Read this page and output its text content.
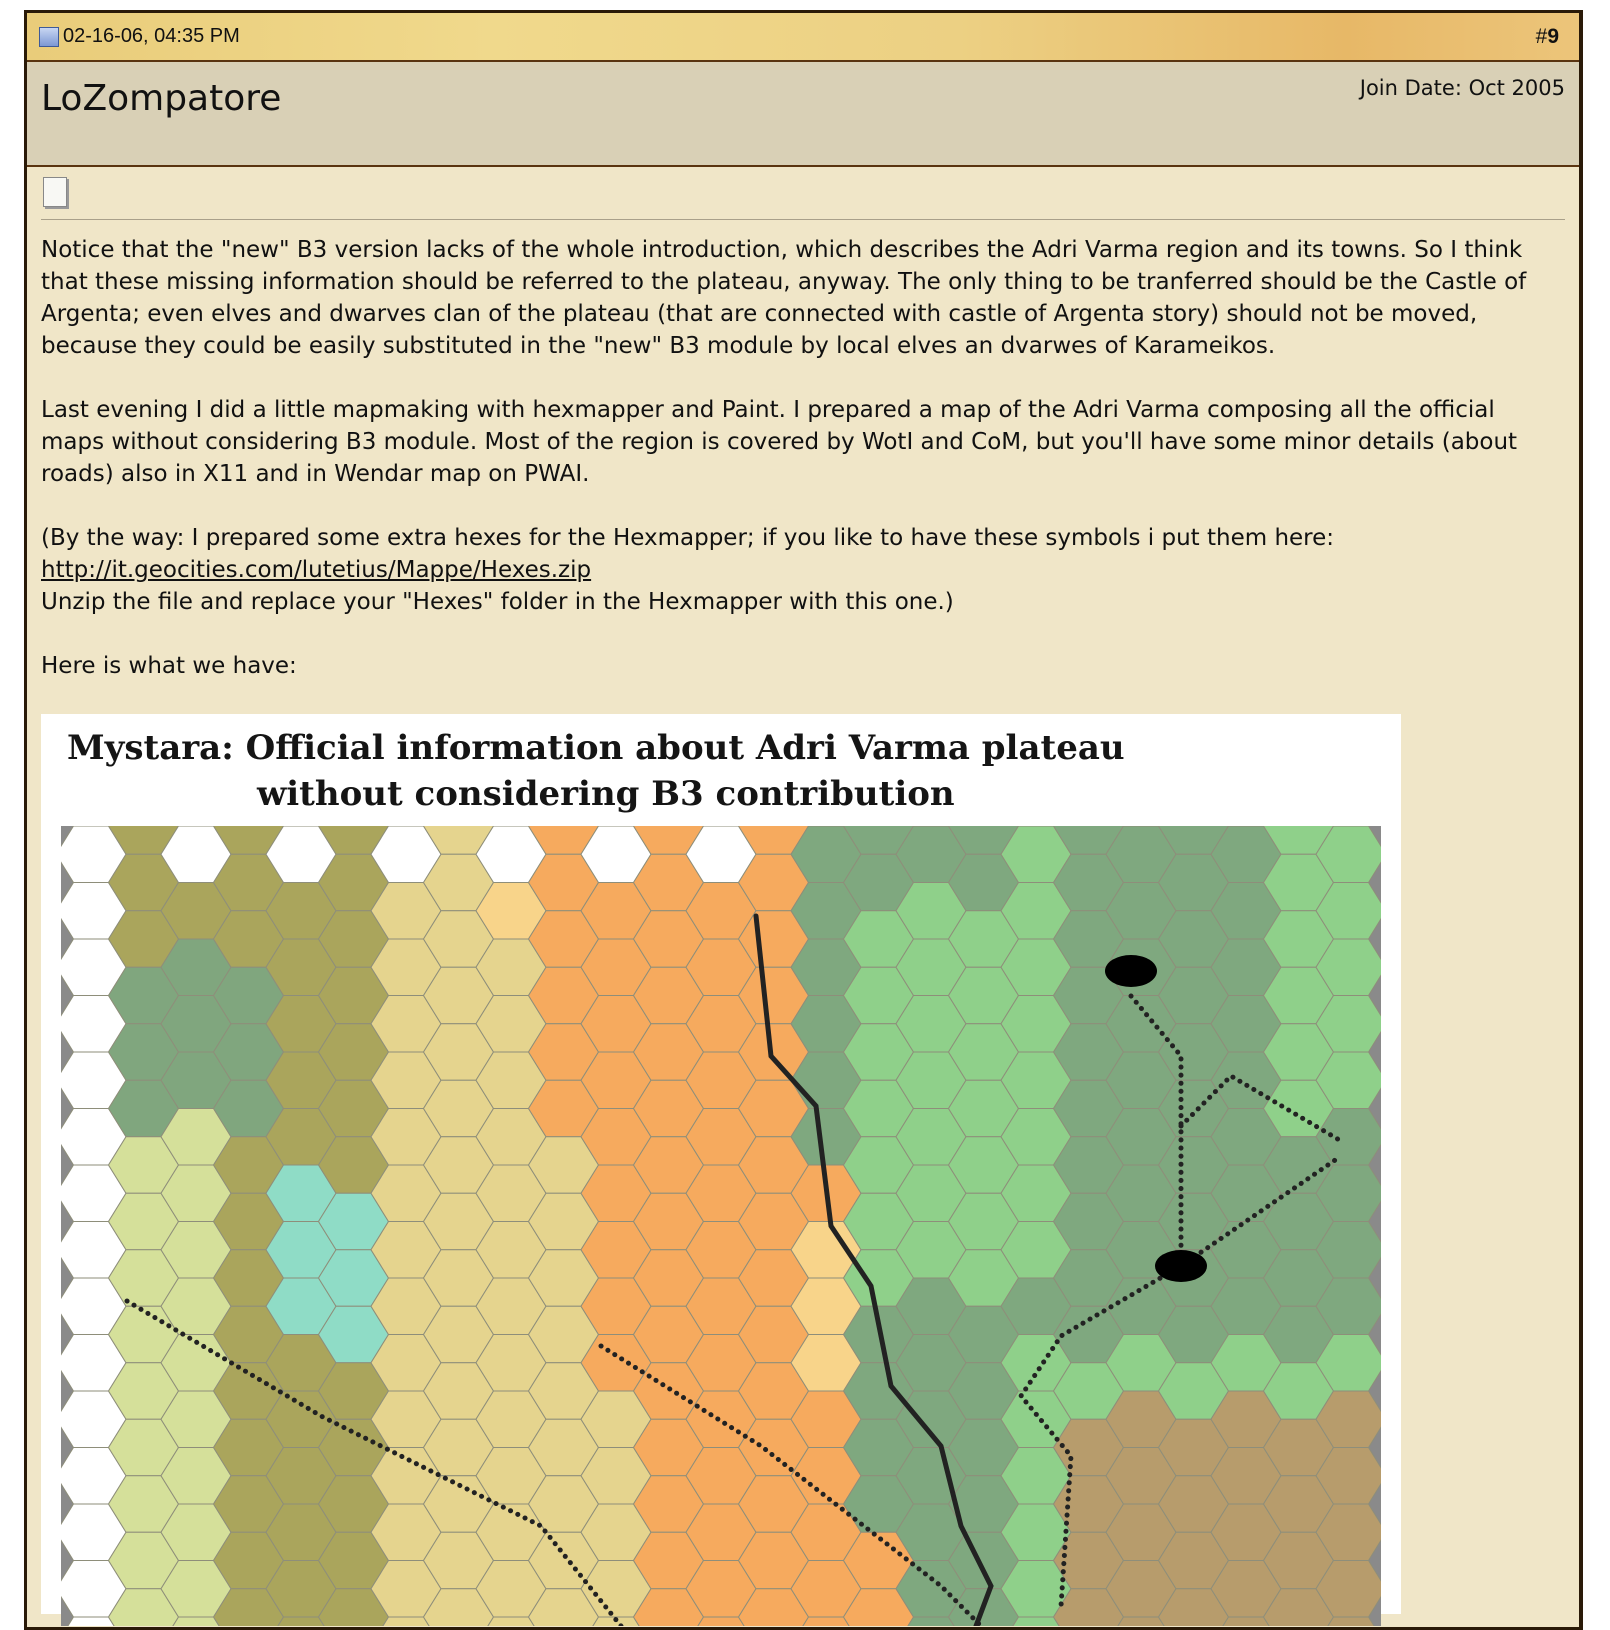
02-16-06, 04:35 PM	#9
LoZompatore	Join Date: Oct 2005

Notice that the "new" B3 version lacks of the whole introduction, which describes the Adri Varma region and its towns. So I think that these missing information should be referred to the plateau, anyway. The only thing to be tranferred should be the Castle of Argenta; even elves and dwarves clan of the plateau (that are connected with castle of Argenta story) should not be moved, because they could be easily substituted in the "new" B3 module by local elves an dvarwes of Karameikos.

Last evening I did a little mapmaking with hexmapper and Paint. I prepared a map of the Adri Varma composing all the official maps without considering B3 module. Most of the region is covered by WotI and CoM, but you'll have some minor details (about roads) also in X11 and in Wendar map on PWAI.

(By the way: I prepared some extra hexes for the Hexmapper; if you like to have these symbols i put them here:
http://it.geocities.com/lutetius/Mappe/Hexes.zip
Unzip the file and replace your "Hexes" folder in the Hexmapper with this one.)

Here is what we have:

Mystara: Official information about Adri Varma plateau
without considering B3 contribution
